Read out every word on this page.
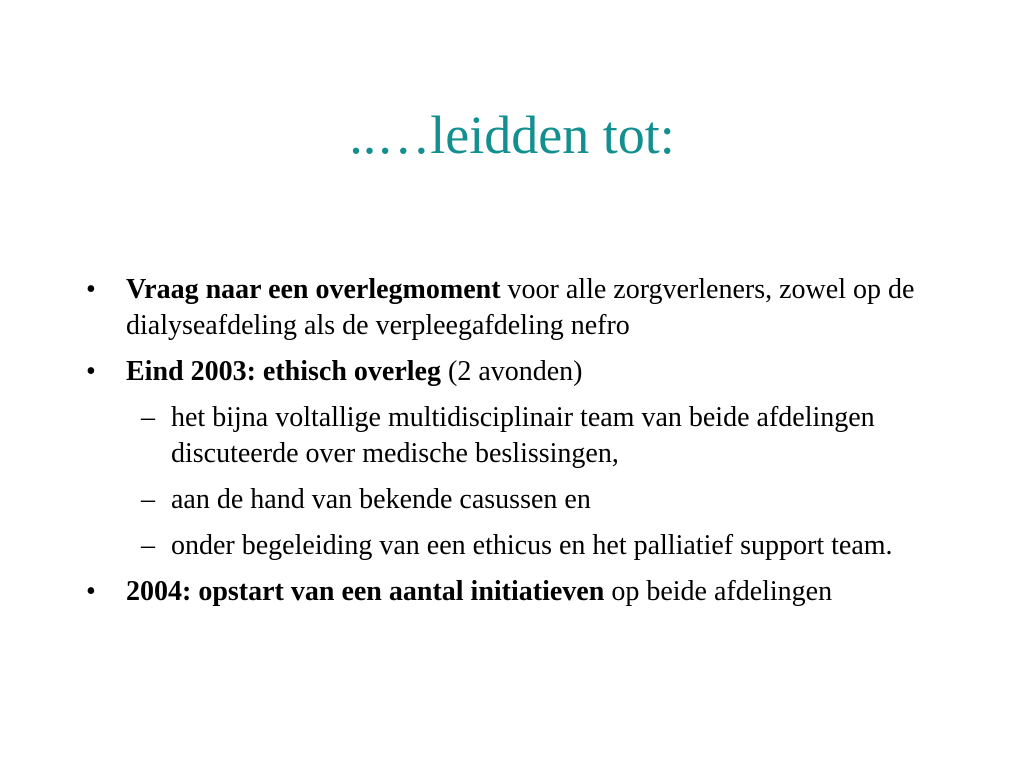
..…leidden tot:
•	Vraag naar een overlegmoment voor alle zorgverleners, zowel op de dialyseafdeling als de verpleegafdeling nefro
•	Eind 2003: ethisch overleg (2 avonden)
– het bijna voltallige multidisciplinair team van beide afdelingen discuteerde over medische beslissingen,
– aan de hand van bekende casussen en
– onder begeleiding van een ethicus en het palliatief support team.
•	2004: opstart van een aantal initiatieven op beide afdelingen
